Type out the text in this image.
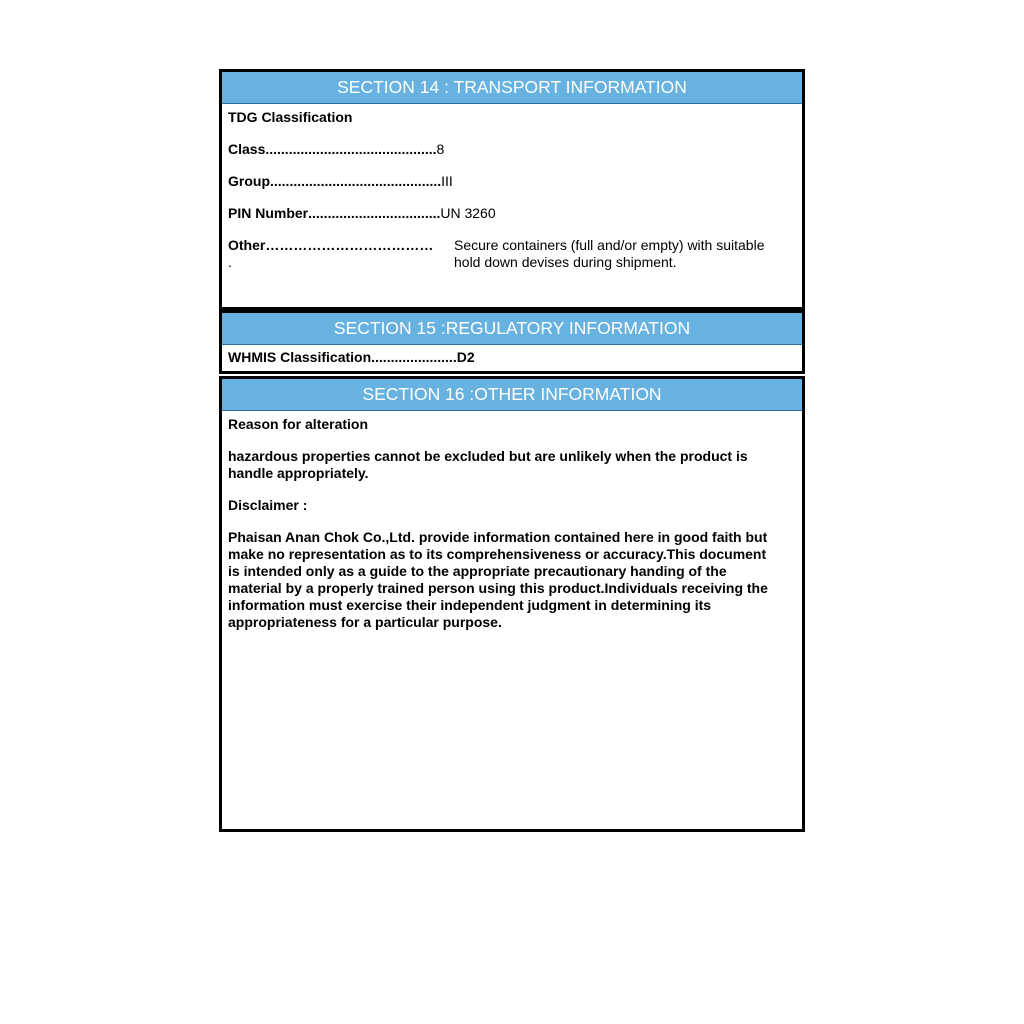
SECTION 14 : TRANSPORT INFORMATION
TDG Classification
Class ............................................ 8
Group ............................................ III
PIN Number .................................. UN 3260
Other………………………………
.
Secure containers (full and/or empty) with suitable hold down devises during shipment.
SECTION 15 :REGULATORY INFORMATION
WHMIS Classification ...................... D2
SECTION 16 :OTHER INFORMATION
Reason for alteration
hazardous properties cannot be excluded but are unlikely when the product is handle appropriately.
Disclaimer :
Phaisan Anan Chok Co.,Ltd. provide information contained here in good faith but make no representation as to its comprehensiveness or accuracy.This document is intended only as a guide to the appropriate precautionary handing of the material by a properly trained person using this product.Individuals receiving the information must exercise their independent judgment in determining its appropriateness for a particular purpose.
